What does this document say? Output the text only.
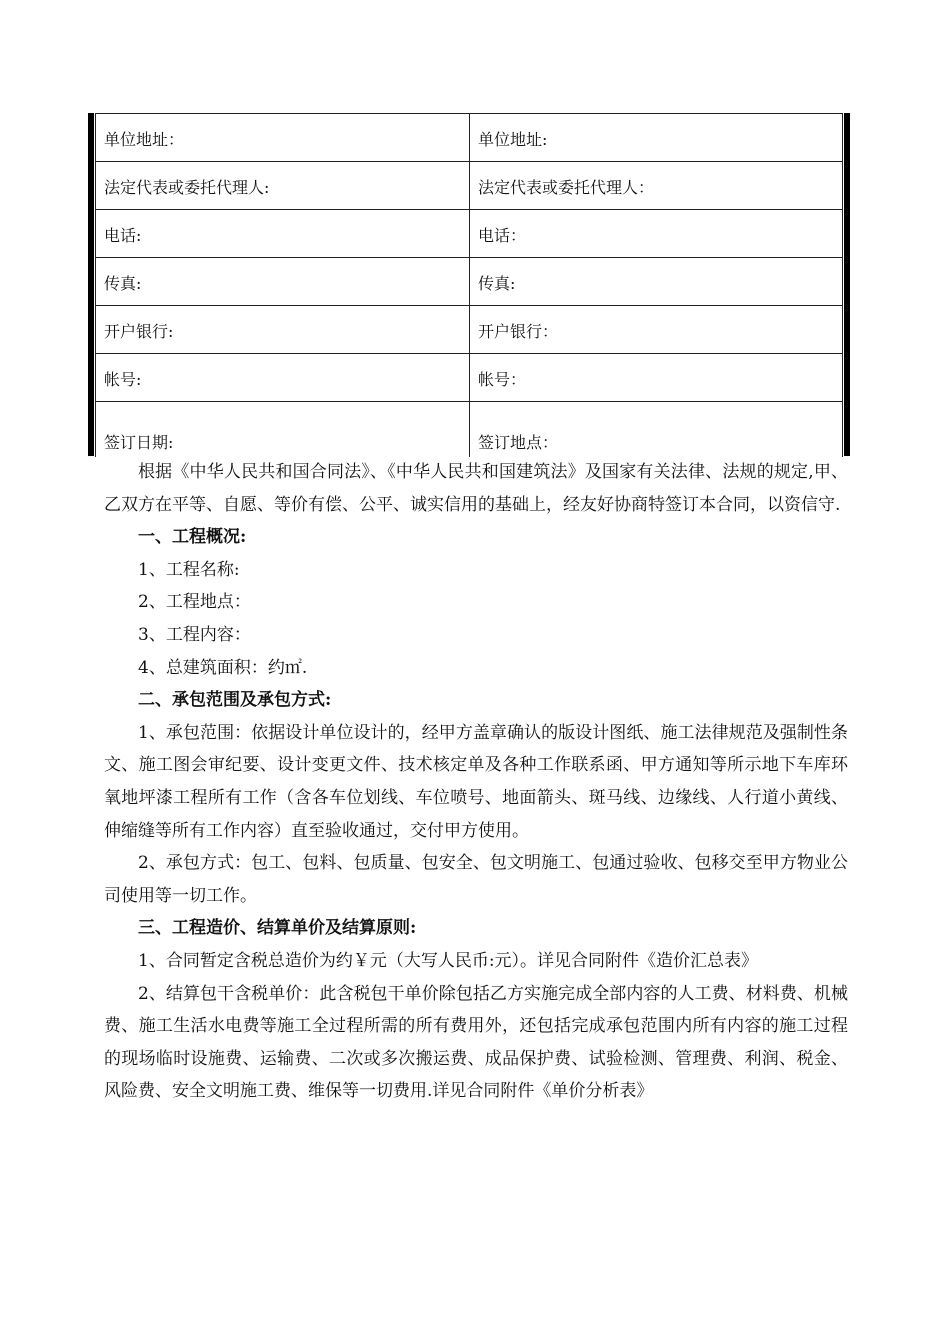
单位地址：	单位地址:
法定代表或委托代理人:	法定代表或委托代理人：
电话:	电话：
传真:	传真:
开户银行:	开户银行：
帐号:	帐号：
签订日期:	签订地点：

根据《中华人民共和国合同法》、《中华人民共和国建筑法》及国家有关法律、法规的规定,甲、乙双方在平等、自愿、等价有偿、公平、诚实信用的基础上，经友好协商特签订本合同，以资信守.

一、工程概况:

1、工程名称:

2、工程地点：

3、工程内容：

4、总建筑面积：约㎡.

二、承包范围及承包方式:

1、承包范围：依据设计单位设计的，经甲方盖章确认的版设计图纸、施工法律规范及强制性条文、施工图会审纪要、设计变更文件、技术核定单及各种工作联系函、甲方通知等所示地下车库环氧地坪漆工程所有工作（含各车位划线、车位喷号、地面箭头、斑马线、边缘线、人行道小黄线、伸缩缝等所有工作内容）直至验收通过，交付甲方使用。

2、承包方式：包工、包料、包质量、包安全、包文明施工、包通过验收、包移交至甲方物业公司使用等一切工作。

三、工程造价、结算单价及结算原则:

1、合同暂定含税总造价为约￥元（大写人民币:元）。详见合同附件《造价汇总表》

2、结算包干含税单价：此含税包干单价除包括乙方实施完成全部内容的人工费、材料费、机械费、施工生活水电费等施工全过程所需的所有费用外，还包括完成承包范围内所有内容的施工过程的现场临时设施费、运输费、二次或多次搬运费、成品保护费、试验检测、管理费、利润、税金、风险费、安全文明施工费、维保等一切费用.详见合同附件《单价分析表》
